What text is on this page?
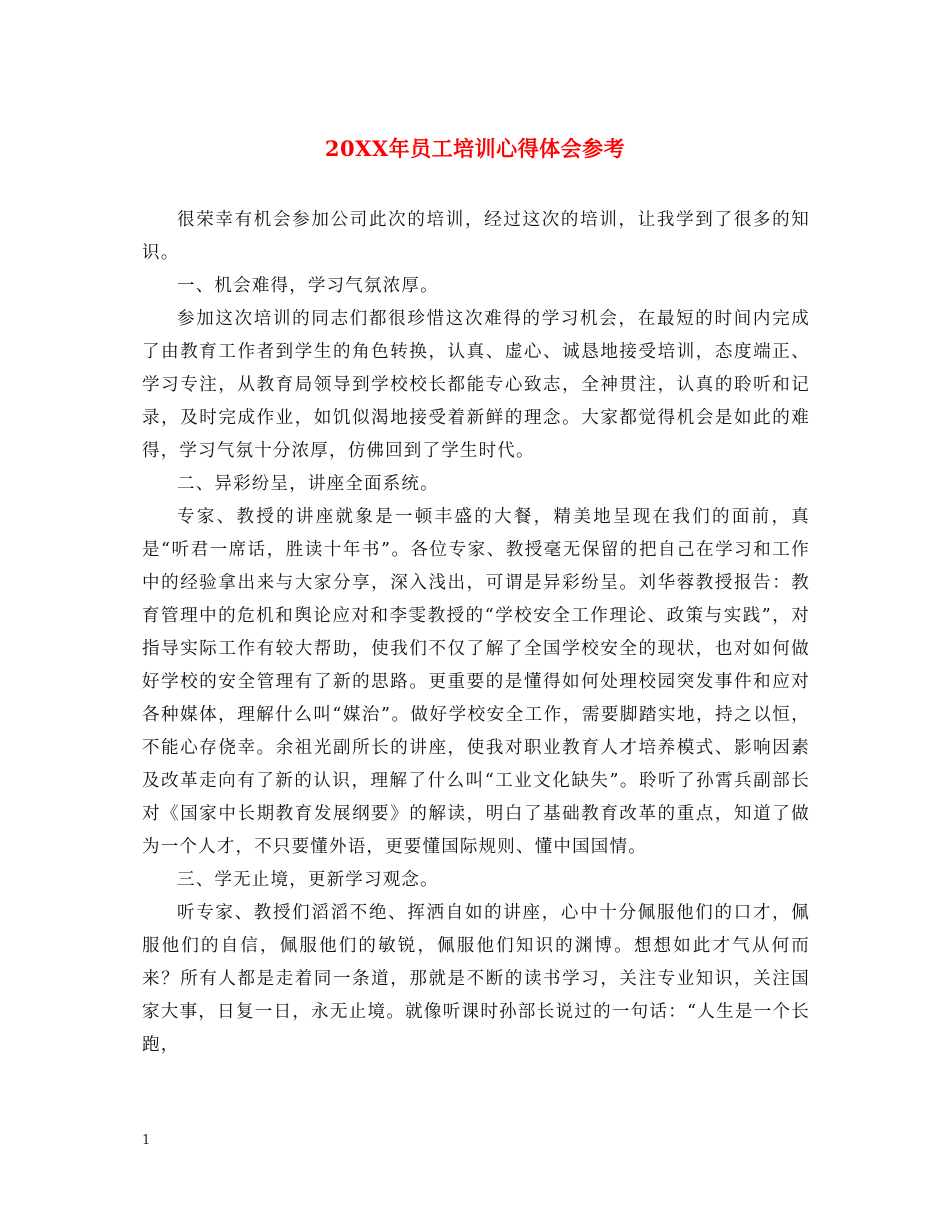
20XX年员工培训心得体会参考

很荣幸有机会参加公司此次的培训，经过这次的培训，让我学到了很多的知识。

一、机会难得，学习气氛浓厚。

参加这次培训的同志们都很珍惜这次难得的学习机会，在最短的时间内完成了由教育工作者到学生的角色转换，认真、虚心、诚恳地接受培训，态度端正、学习专注，从教育局领导到学校校长都能专心致志，全神贯注，认真的聆听和记录，及时完成作业，如饥似渴地接受着新鲜的理念。大家都觉得机会是如此的难得，学习气氛十分浓厚，仿佛回到了学生时代。

二、异彩纷呈，讲座全面系统。

专家、教授的讲座就象是一顿丰盛的大餐，精美地呈现在我们的面前，真是“听君一席话，胜读十年书”。各位专家、教授毫无保留的把自己在学习和工作中的经验拿出来与大家分享，深入浅出，可谓是异彩纷呈。刘华蓉教授报告：教育管理中的危机和舆论应对和李雯教授的“学校安全工作理论、政策与实践”，对指导实际工作有较大帮助，使我们不仅了解了全国学校安全的现状，也对如何做好学校的安全管理有了新的思路。更重要的是懂得如何处理校园突发事件和应对各种媒体，理解什么叫“媒治”。做好学校安全工作，需要脚踏实地，持之以恒，不能心存侥幸。余祖光副所长的讲座，使我对职业教育人才培养模式、影响因素及改革走向有了新的认识，理解了什么叫“工业文化缺失”。聆听了孙霄兵副部长对《国家中长期教育发展纲要》的解读，明白了基础教育改革的重点，知道了做为一个人才，不只要懂外语，更要懂国际规则、懂中国国情。

三、学无止境，更新学习观念。

听专家、教授们滔滔不绝、挥洒自如的讲座，心中十分佩服他们的口才，佩服他们的自信，佩服他们的敏锐，佩服他们知识的渊博。想想如此才气从何而来？所有人都是走着同一条道，那就是不断的读书学习，关注专业知识，关注国家大事，日复一日，永无止境。就像听课时孙部长说过的一句话：“人生是一个长跑，

1
